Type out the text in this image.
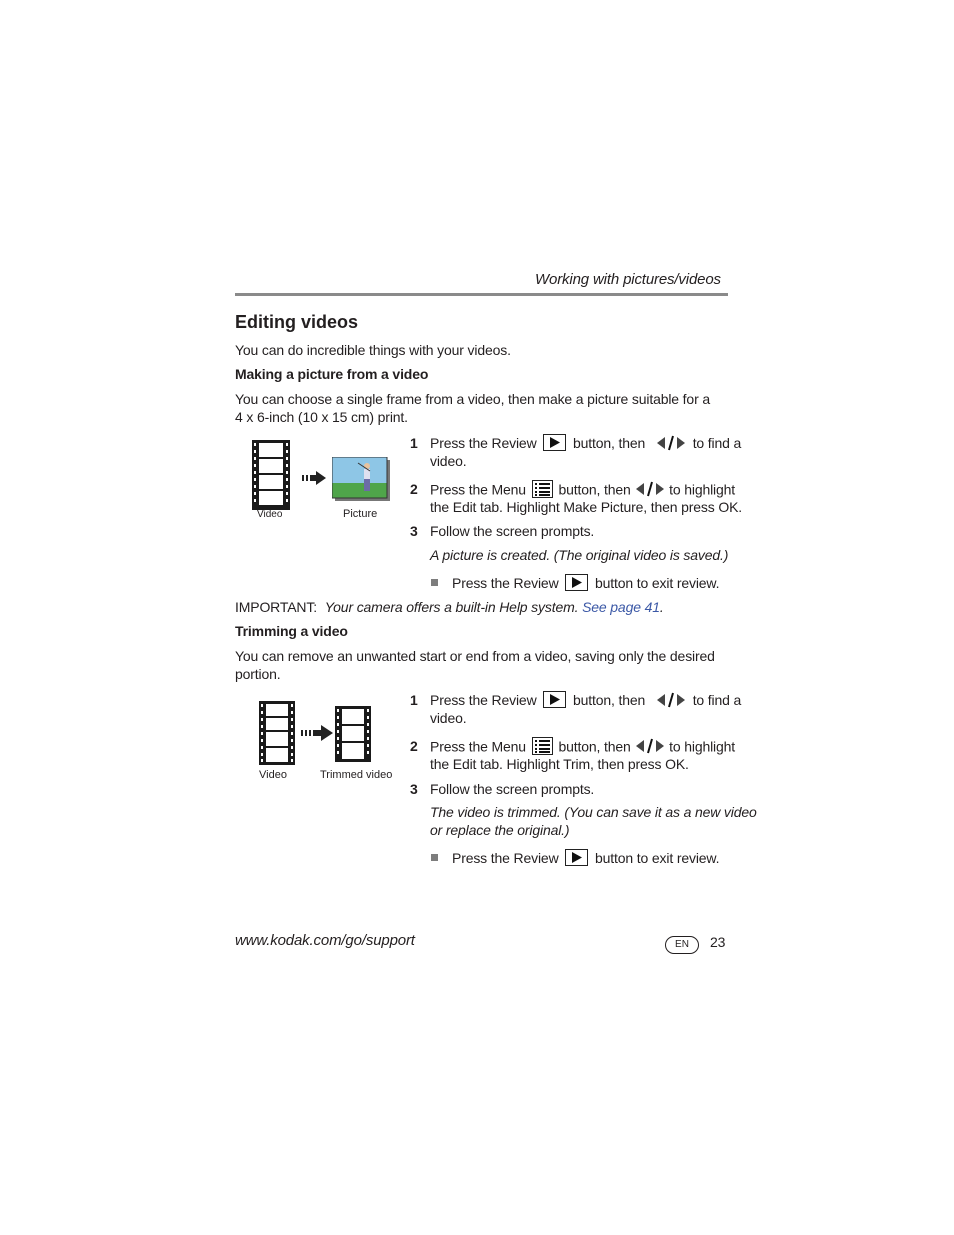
Working with pictures/videos
Editing videos
You can do incredible things with your videos.
Making a picture from a video
You can choose a single frame from a video, then make a picture suitable for a
4 x 6-inch (10 x 15 cm) print.
Video	Picture
1 Press the Review	button, then	to find a
video.
2 Press the Menu button, then	to highlight
the Edit tab. Highlight Make Picture, then press OK.
3 Follow the screen prompts.
A picture is created. (The original video is saved.)
Press the Review	button to exit review.
IMPORTANT: Your camera offers a built-in Help system. See page 41.
Trimming a video
You can remove an unwanted start or end from a video, saving only the desired
portion.
Video	Trimmed video
1 Press the Review	button, then	to find a
video.
2 Press the Menu button, then	to highlight
the Edit tab. Highlight Trim, then press OK.
3 Follow the screen prompts.
The video is trimmed. (You can save it as a new video
or replace the original.)
Press the Review	button to exit review.
www.kodak.com/go/support	EN	23
